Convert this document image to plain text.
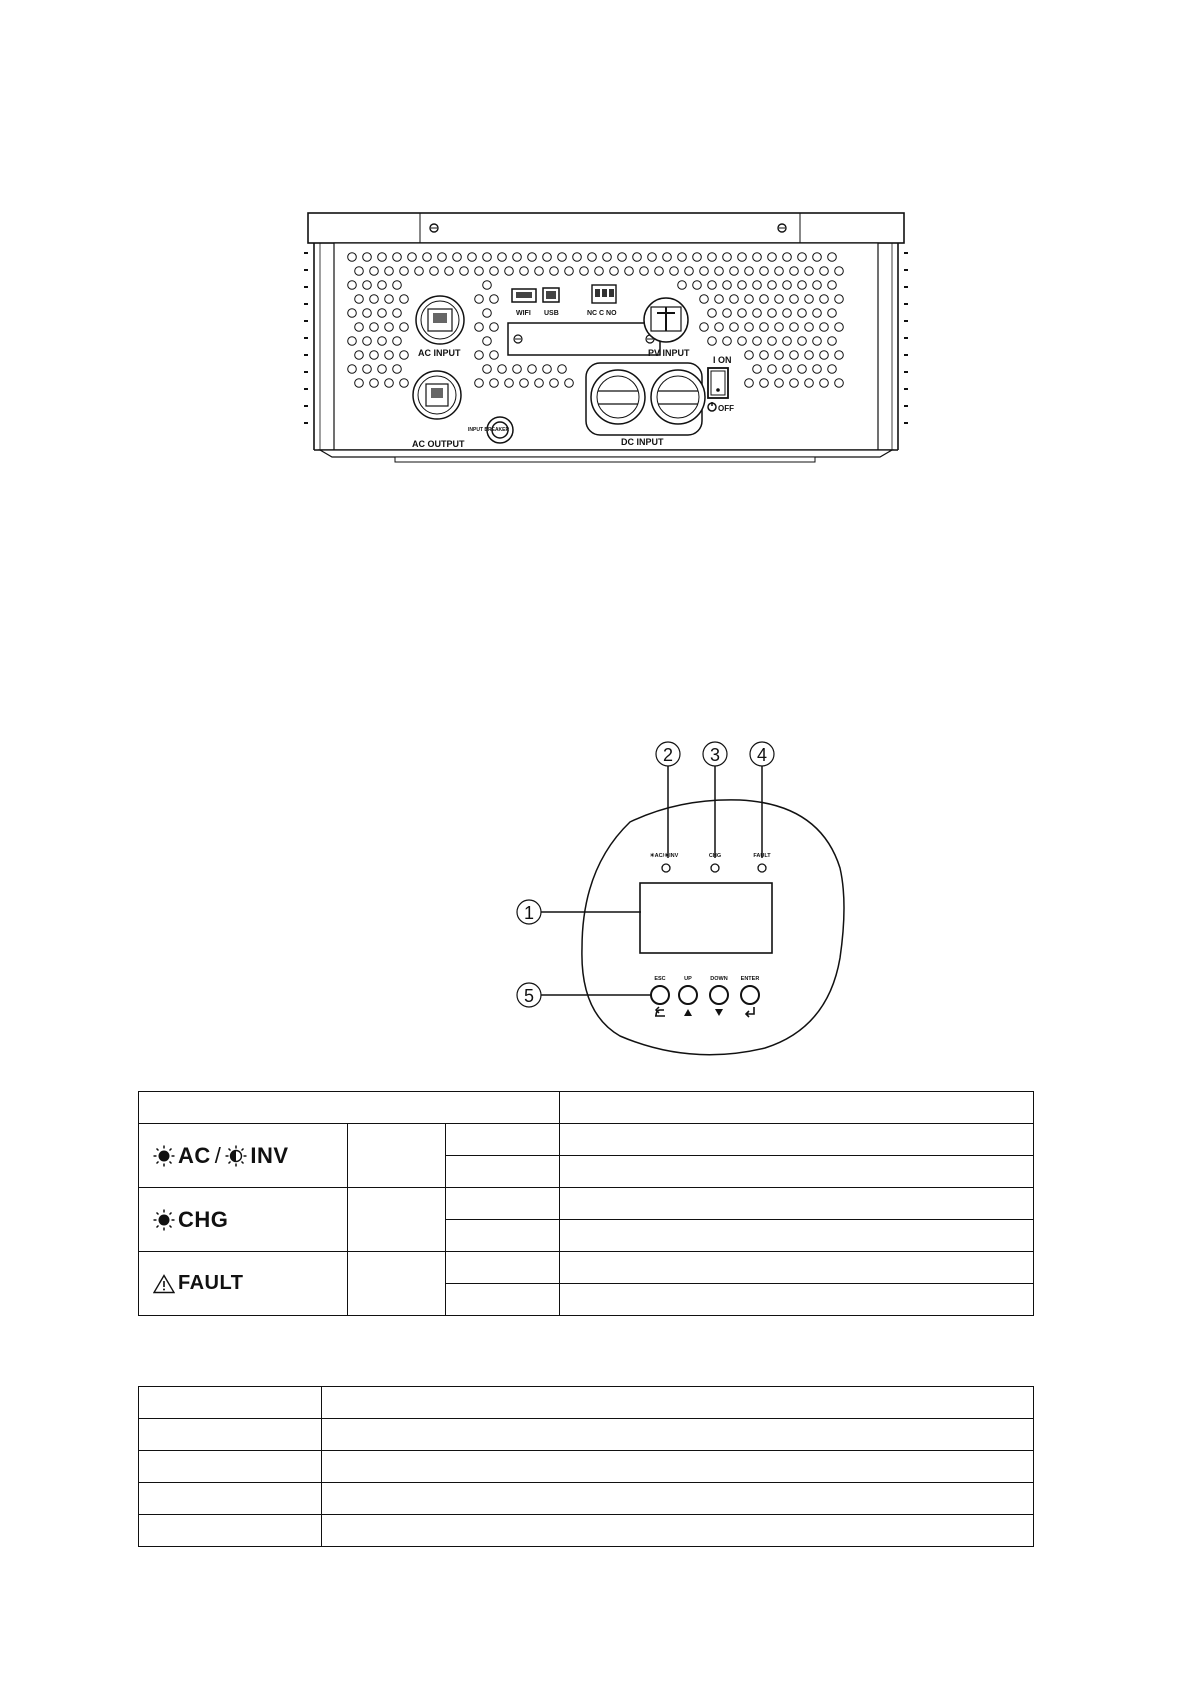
AC INPUT
AC OUTPUT
INPUT BREAKER
WIFI USB	NC C NO
PV INPUT
DC INPUT
I ON
OFF
2 3 4
☀AC/☀INV	CHG	FAULT
1
ESC	UP	DOWN ENTER
5

AC / INV			

CHG			

FAULT			
